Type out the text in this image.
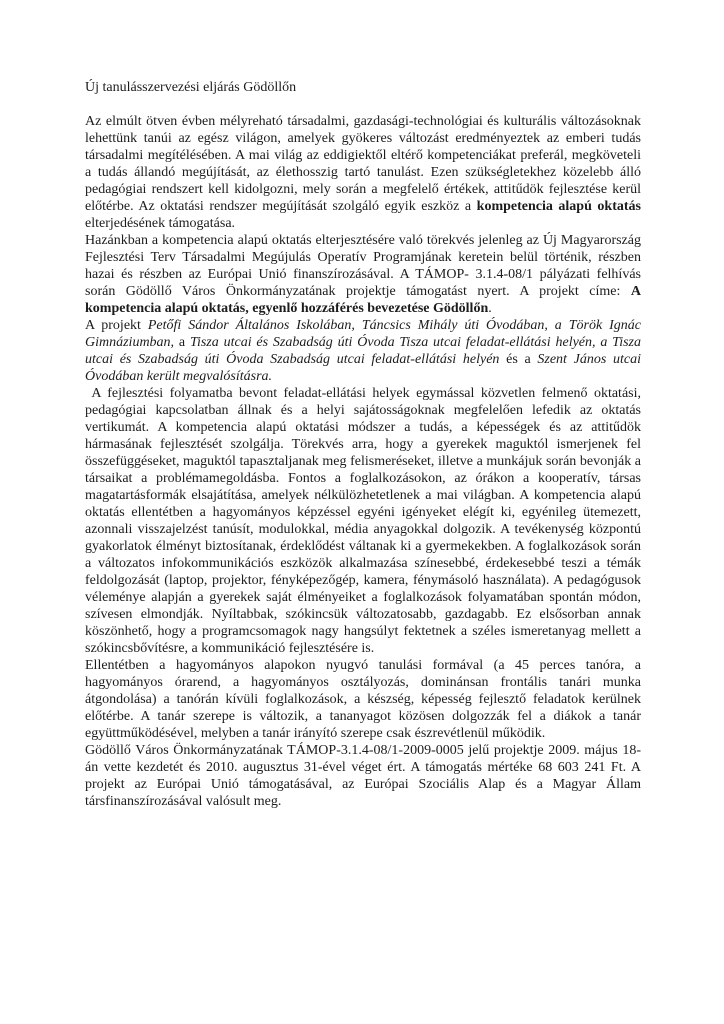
Új tanulásszervezési eljárás Gödöllőn

Az elmúlt ötven évben mélyreható társadalmi, gazdasági-technológiai és kulturális változásoknak lehettünk tanúi az egész világon, amelyek gyökeres változást eredményeztek az emberi tudás társadalmi megítélésében. A mai világ az eddigiektől eltérő kompetenciákat preferál, megköveteli a tudás állandó megújítását, az élethosszig tartó tanulást. Ezen szükségletekhez közelebb álló pedagógiai rendszert kell kidolgozni, mely során a megfelelő értékek, attitűdök fejlesztése kerül előtérbe. Az oktatási rendszer megújítását szolgáló egyik eszköz a kompetencia alapú oktatás elterjedésének támogatása.

Hazánkban a kompetencia alapú oktatás elterjesztésére való törekvés jelenleg az Új Magyarország Fejlesztési Terv Társadalmi Megújulás Operatív Programjának keretein belül történik, részben hazai és részben az Európai Unió finanszírozásával. A TÁMOP- 3.1.4-08/1 pályázati felhívás során Gödöllő Város Önkormányzatának projektje támogatást nyert. A projekt címe: A kompetencia alapú oktatás, egyenlő hozzáférés bevezetése Gödöllőn.

A projekt Petőfi Sándor Általános Iskolában, Táncsics Mihály úti Óvodában, a Török Ignác Gimnáziumban, a Tisza utcai és Szabadság úti Óvoda Tisza utcai feladat-ellátási helyén, a Tisza utcai és Szabadság úti Óvoda Szabadság utcai feladat-ellátási helyén és a Szent János utcai Óvodában került megvalósításra.

A fejlesztési folyamatba bevont feladat-ellátási helyek egymással közvetlen felmenő oktatási, pedagógiai kapcsolatban állnak és a helyi sajátosságoknak megfelelően lefedik az oktatás vertikumát. A kompetencia alapú oktatási módszer a tudás, a képességek és az attitűdök hármasának fejlesztését szolgálja. Törekvés arra, hogy a gyerekek maguktól ismerjenek fel összefüggéseket, maguktól tapasztaljanak meg felismeréseket, illetve a munkájuk során bevonják a társaikat a problémamegoldásba. Fontos a foglalkozásokon, az órákon a kooperatív, társas magatartásformák elsajátítása, amelyek nélkülözhetetlenek a mai világban. A kompetencia alapú oktatás ellentétben a hagyományos képzéssel egyéni igényeket elégít ki, egyénileg ütemezett, azonnali visszajelzést tanúsít, modulokkal, média anyagokkal dolgozik. A tevékenység központú gyakorlatok élményt biztosítanak, érdeklődést váltanak ki a gyermekekben. A foglalkozások során a változatos infokommunikációs eszközök alkalmazása színesebbé, érdekesebbé teszi a témák feldolgozását (laptop, projektor, fényképezőgép, kamera, fénymásoló használata). A pedagógusok véleménye alapján a gyerekek saját élményeiket a foglalkozások folyamatában spontán módon, szívesen elmondják. Nyíltabbak, szókincsük változatosabb, gazdagabb. Ez elsősorban annak köszönhető, hogy a programcsomagok nagy hangsúlyt fektetnek a széles ismeretanyag mellett a szókincsbővítésre, a kommunikáció fejlesztésére is.

Ellentétben a hagyományos alapokon nyugvó tanulási formával (a 45 perces tanóra, a hagyományos órarend, a hagyományos osztályozás, dominánsan frontális tanári munka átgondolása) a tanórán kívüli foglalkozások, a készség, képesség fejlesztő feladatok kerülnek előtérbe. A tanár szerepe is változik, a tananyagot közösen dolgozzák fel a diákok a tanár együttműködésével, melyben a tanár irányító szerepe csak észrevétlenül működik.

Gödöllő Város Önkormányzatának TÁMOP-3.1.4-08/1-2009-0005 jelű projektje 2009. május 18-án vette kezdetét és 2010. augusztus 31-ével véget ért. A támogatás mértéke 68 603 241 Ft. A projekt az Európai Unió támogatásával, az Európai Szociális Alap és a Magyar Állam társfinanszírozásával valósult meg.
